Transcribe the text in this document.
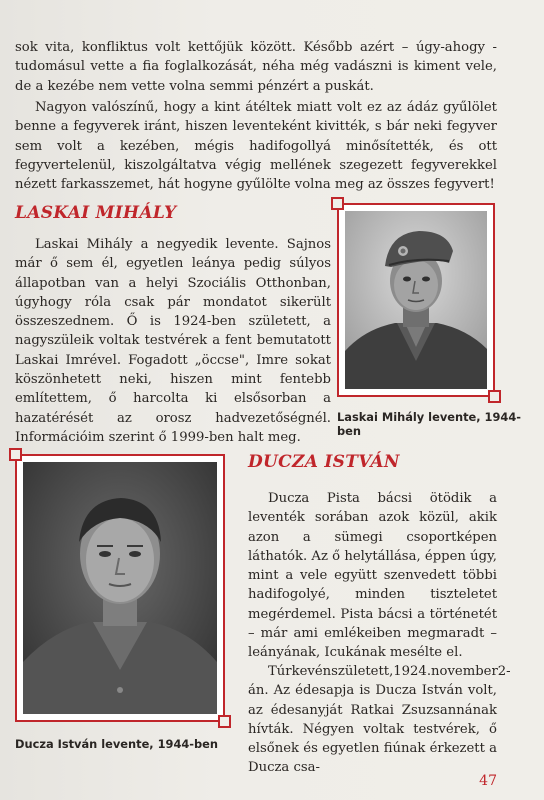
sok vita, konfliktus volt kettőjük között. Később azért – úgy-ahogy - tudomásul vette a fia foglalkozását, néha még vadászni is kiment vele, de a kezébe nem vette volna semmi pénzért a puskát.

Nagyon valószínű, hogy a kint átéltek miatt volt ez az ádáz gyűlölet benne a fegyverek iránt, hiszen leventeként kivitték, s bár neki fegyver sem volt a kezében, mégis hadifogollyá minősítették, és ott fegyvertelenül, kiszolgáltatva végig mellének szegezett fegyverekkel nézett farkasszemet, hát hogyne gyűlölte volna meg az összes fegyvert!

LASKAI MIHÁLY

Laskai Mihály a negyedik levente. Sajnos már ő sem él, egyetlen leánya pedig súlyos állapotban van a helyi Szociális Otthonban, úgyhogy róla csak pár mondatot sikerült összeszednem. Ő is 1924-ben született, a nagyszüleik voltak testvérek a fent bemutatott Laskai Imrével. Fogadott „öccse", Imre sokat köszönhetett neki, hiszen mint fentebb említettem, ő harcolta ki elsősorban a hazatérését az orosz hadvezetőségnél. Információim szerint ő 1999-ben halt meg.

Laskai Mihály levente, 1944-ben

Ducza István levente, 1944-ben

DUCZA ISTVÁN

Ducza Pista bácsi ötödik a leventék sorában azok közül, akik azon a sümegi csoportképen láthatók. Az ő helytállása, éppen úgy, mint a vele együtt szenvedett többi hadifogolyé, minden tiszteletet megérdemel. Pista bácsi a történetét – már ami emlékeiben megmaradt – leányának, Icukának mesélte el.

Túrkevénszületett,1924.november2-án. Az édesapja is Ducza István volt, az édesanyját Ratkai Zsuzsannának hívták. Négyen voltak testvérek, ő elsőnek és egyetlen fiúnak érkezett a Ducza csa-

47
